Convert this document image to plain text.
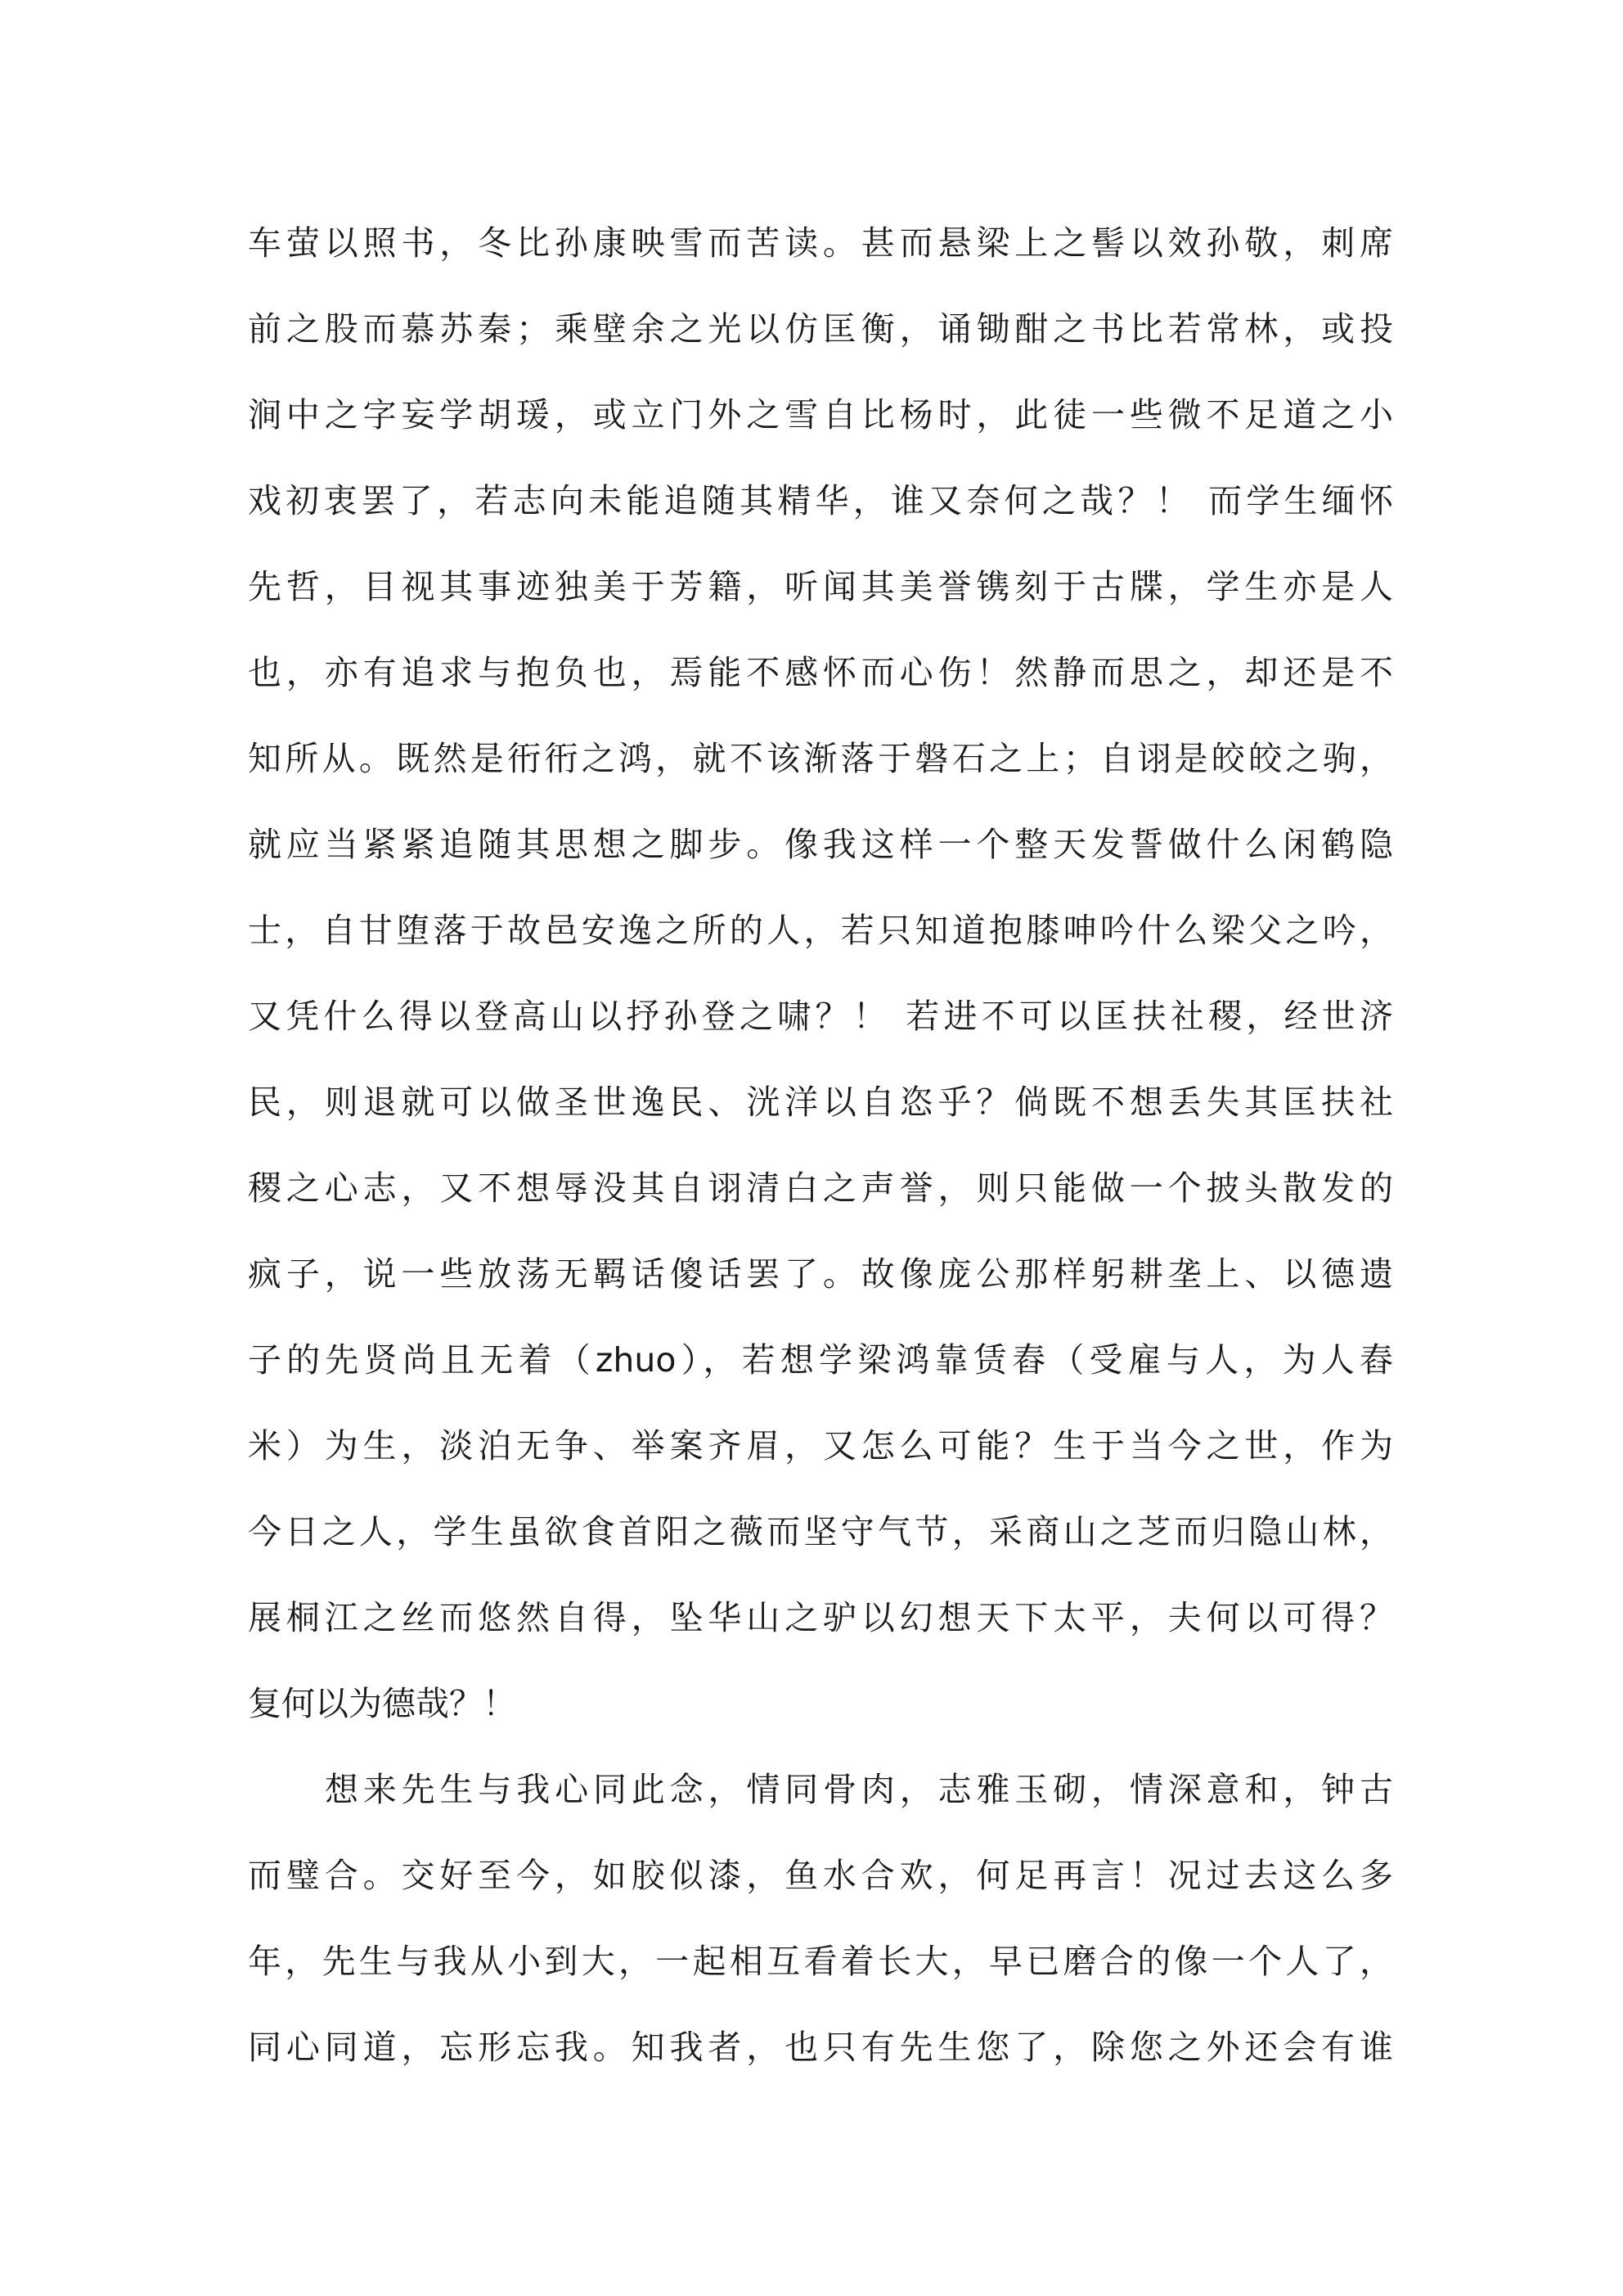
车萤以照书，冬比孙康映雪而苦读。甚而悬梁上之髻以效孙敬，刺席
前之股而慕苏秦；乘壁余之光以仿匡衡，诵锄酣之书比若常林，或投
涧中之字妄学胡瑗，或立门外之雪自比杨时，此徒一些微不足道之小
戏初衷罢了，若志向未能追随其精华，谁又奈何之哉？！ 而学生缅怀
先哲，目视其事迹独美于芳籍，听闻其美誉镌刻于古牒，学生亦是人
也，亦有追求与抱负也，焉能不感怀而心伤！然静而思之，却还是不
知所从。既然是衎衎之鸿，就不该渐落于磐石之上；自诩是皎皎之驹，
就应当紧紧追随其思想之脚步。像我这样一个整天发誓做什么闲鹤隐
士，自甘堕落于故邑安逸之所的人，若只知道抱膝呻吟什么梁父之吟，
又凭什么得以登高山以抒孙登之啸？！ 若进不可以匡扶社稷，经世济
民，则退就可以做圣世逸民、洸洋以自恣乎？倘既不想丢失其匡扶社
稷之心志，又不想辱没其自诩清白之声誉，则只能做一个披头散发的
疯子，说一些放荡无羁话傻话罢了。故像庞公那样躬耕垄上、以德遗
子的先贤尚且无着（zhuo），若想学梁鸿靠赁舂（受雇与人，为人舂
米）为生，淡泊无争、举案齐眉，又怎么可能？生于当今之世，作为
今日之人，学生虽欲食首阳之薇而坚守气节，采商山之芝而归隐山林，
展桐江之丝而悠然自得，坠华山之驴以幻想天下太平，夫何以可得？
复何以为德哉？！
想来先生与我心同此念，情同骨肉，志雅玉砌，情深意和，钟古
而璧合。交好至今，如胶似漆，鱼水合欢，何足再言！况过去这么多
年，先生与我从小到大，一起相互看着长大，早已磨合的像一个人了，
同心同道，忘形忘我。知我者，也只有先生您了，除您之外还会有谁
